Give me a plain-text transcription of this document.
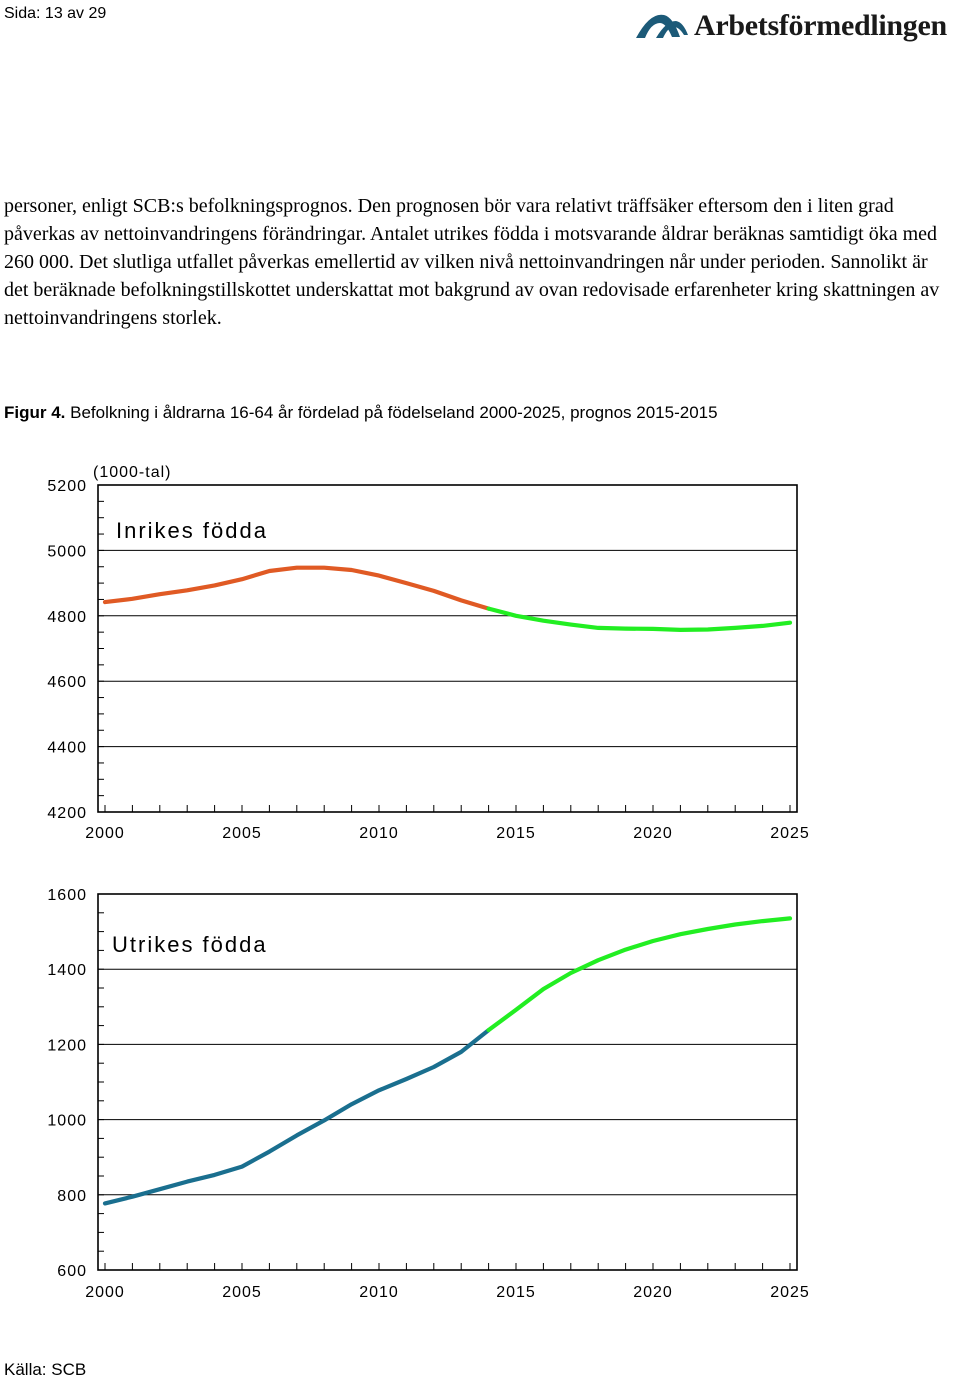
Sida: 13 av 29	Arbetsförmedlingen

personer, enligt SCB:s befolkningsprognos. Den prognosen bör vara relativt träffsäker eftersom den i liten grad påverkas av nettoinvandringens förändringar. Antalet utrikes födda i motsvarande åldrar beräknas samtidigt öka med 260 000. Det slutliga utfallet påverkas emellertid av vilken nivå nettoinvandringen når under perioden. Sannolikt är det beräknade befolkningstillskottet underskattat mot bakgrund av ovan redovisade erfarenheter kring skattningen av nettoinvandringens storlek.

Figur 4. Befolkning i åldrarna 16-64 år fördelad på födelseland 2000-2025, prognos 2015-2015
4200
4400
4600
4800
5000
5200
2000	2005	2010	2015	2020	2025
(1000-tal)
Inrikes födda
600
800
1000
1200
1400
1600
2000	2005	2010	2015	2020	2025
Utrikes födda
Källa: SCB
